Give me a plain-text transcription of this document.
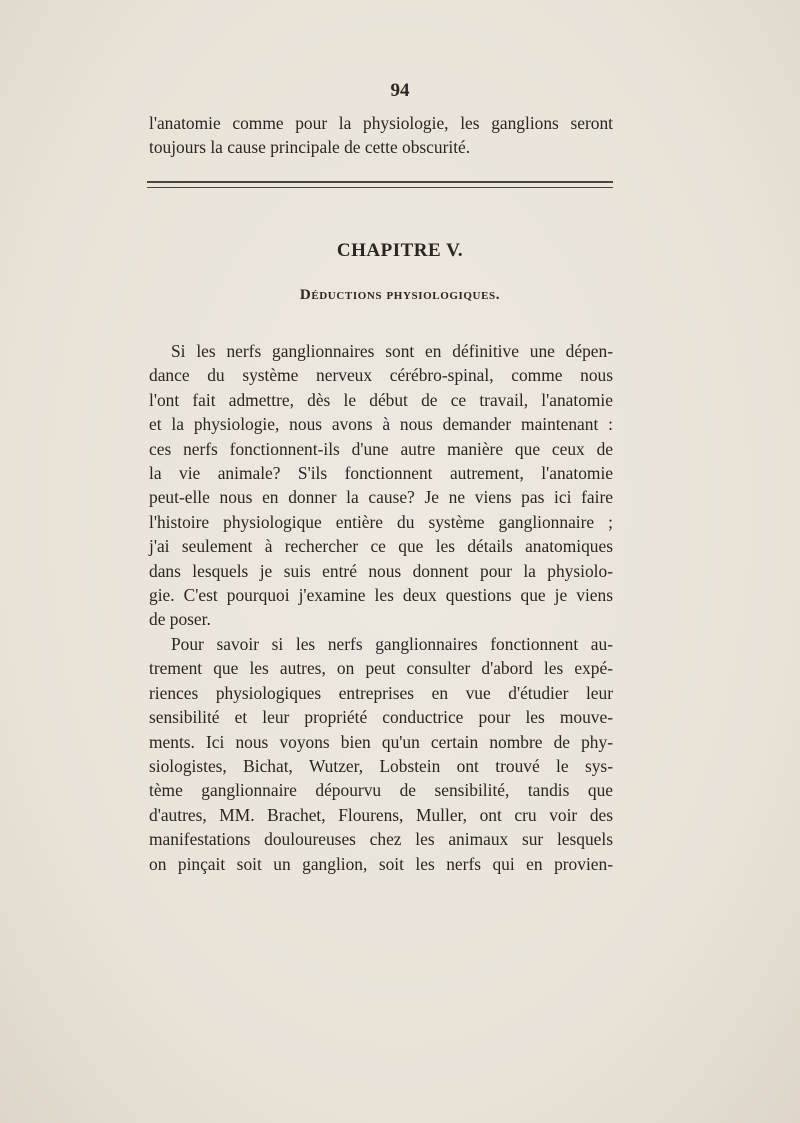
94
l'anatomie comme pour la physiologie, les ganglions seront
toujours la cause principale de cette obscurité.
CHAPITRE V.
Déductions physiologiques.
Si les nerfs ganglionnaires sont en définitive une dépen-
dance du système nerveux cérébro-spinal, comme nous
l'ont fait admettre, dès le début de ce travail, l'anatomie
et la physiologie, nous avons à nous demander maintenant :
ces nerfs fonctionnent-ils d'une autre manière que ceux de
la vie animale? S'ils fonctionnent autrement, l'anatomie
peut-elle nous en donner la cause? Je ne viens pas ici faire
l'histoire physiologique entière du système ganglionnaire ;
j'ai seulement à rechercher ce que les détails anatomiques
dans lesquels je suis entré nous donnent pour la physiolo-
gie. C'est pourquoi j'examine les deux questions que je viens
de poser.
Pour savoir si les nerfs ganglionnaires fonctionnent au-
trement que les autres, on peut consulter d'abord les expé-
riences physiologiques entreprises en vue d'étudier leur
sensibilité et leur propriété conductrice pour les mouve-
ments. Ici nous voyons bien qu'un certain nombre de phy-
siologistes, Bichat, Wutzer, Lobstein ont trouvé le sys-
tème ganglionnaire dépourvu de sensibilité, tandis que
d'autres, MM. Brachet, Flourens, Muller, ont cru voir des
manifestations douloureuses chez les animaux sur lesquels
on pinçait soit un ganglion, soit les nerfs qui en provien-
